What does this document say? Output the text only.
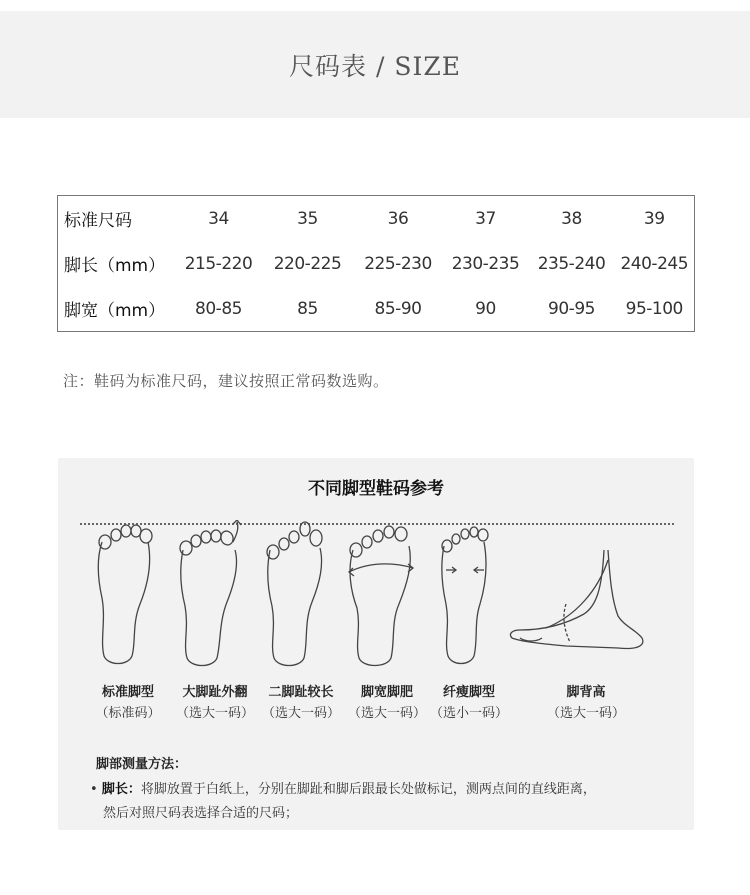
尺码表 / SIZE
标准尺码	34	35	36	37	38	39
脚长（mm）	215-220	220-225	225-230	230-235	235-240	240-245
脚宽（mm）	80-85	85	85-90	90	90-95	95-100
注：鞋码为标准尺码，建议按照正常码数选购。
不同脚型鞋码参考
标准脚型
（标准码）
大脚趾外翻
（选大一码）
二脚趾较长
（选大一码）
脚宽脚肥
（选大一码）
纤瘦脚型
（选小一码）
脚背高
（选大一码）
脚部测量方法：
• 脚长：将脚放置于白纸上，分别在脚趾和脚后跟最长处做标记，测两点间的直线距离，
然后对照尺码表选择合适的尺码；
